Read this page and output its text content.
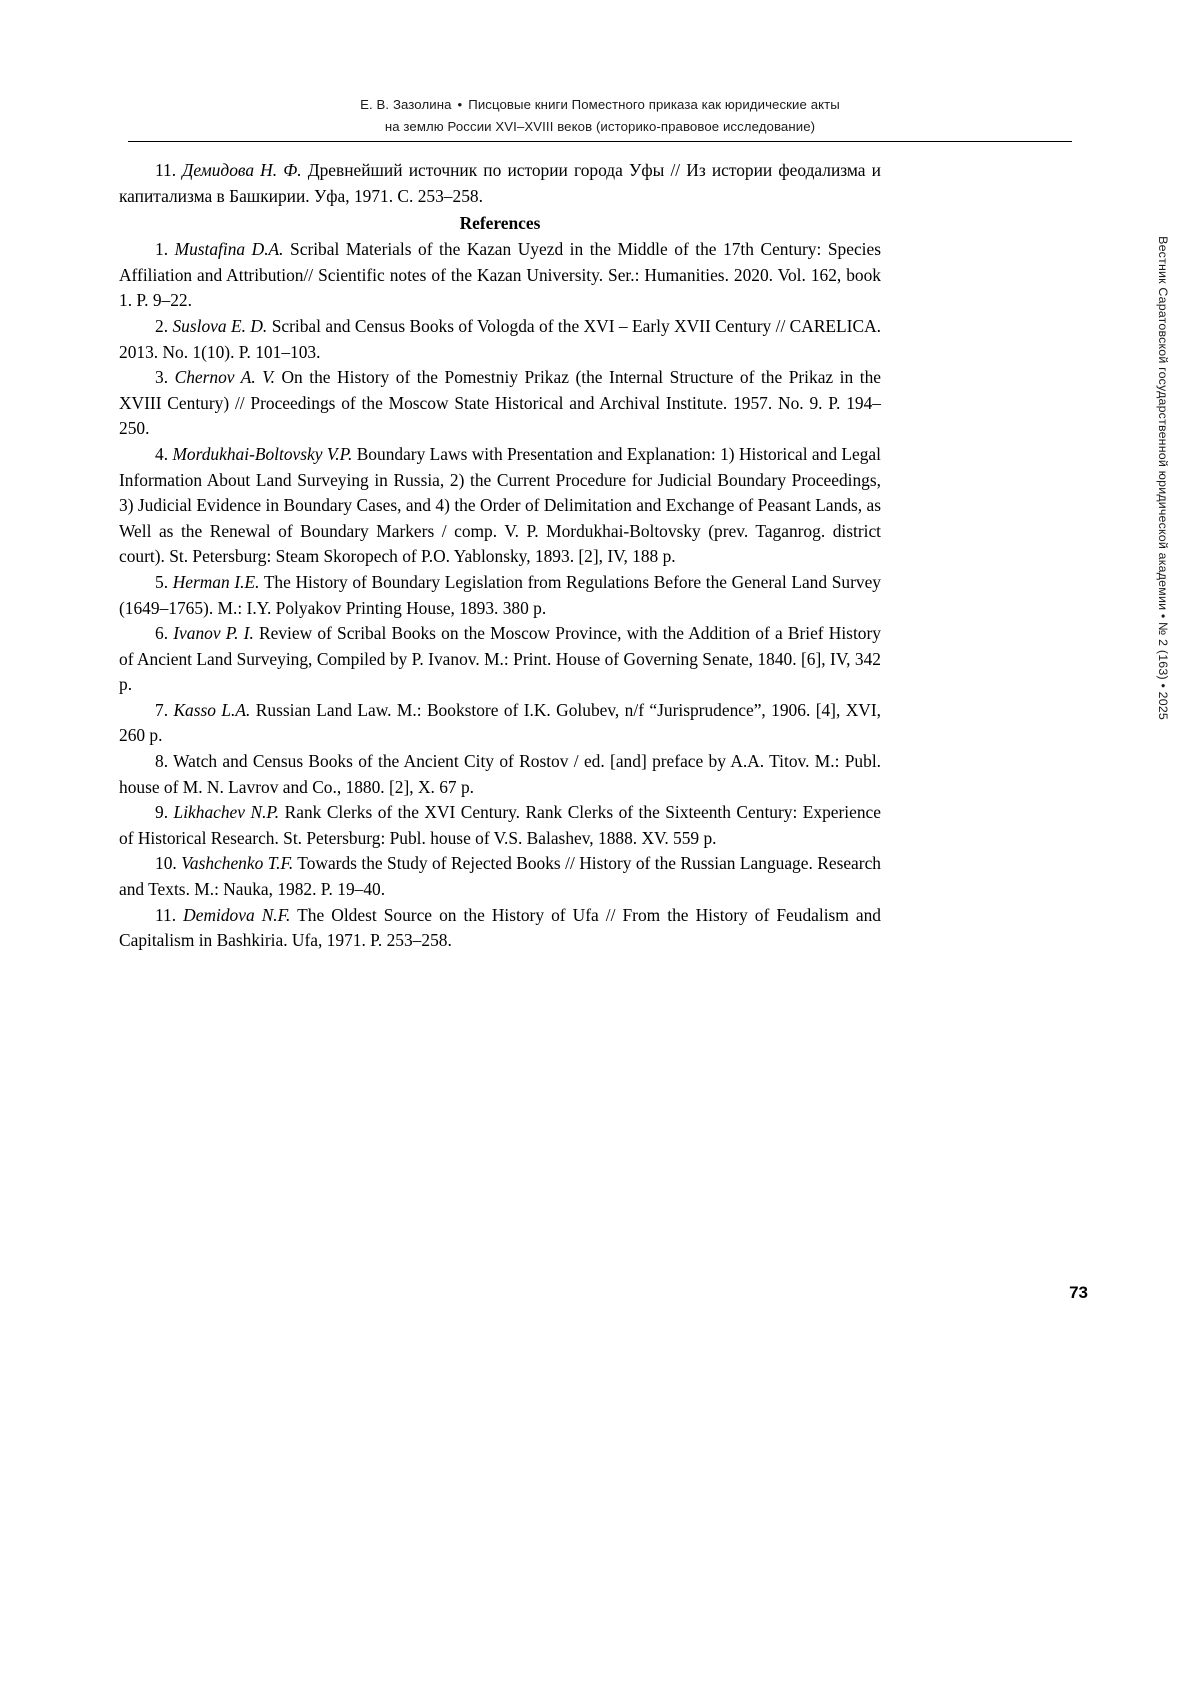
Е. В. Зазолина • Писцовые книги Поместного приказа как юридические акты
на землю России XVI–XVIII веков (историко-правовое исследование)

11. Демидова Н. Ф. Древнейший источник по истории города Уфы // Из истории феодализма и капитализма в Башкирии. Уфа, 1971. С. 253–258.

References

1. Mustafina D.A. Scribal Materials of the Kazan Uyezd in the Middle of the 17th Century: Species Affiliation and Attribution// Scientific notes of the Kazan University. Ser.: Humanities. 2020. Vol. 162, book 1. P. 9–22.

2. Suslova E. D. Scribal and Census Books of Vologda of the XVI – Early XVII Century // CARELICA. 2013. No. 1(10). P. 101–103.

3. Chernov A. V. On the History of the Pomestniy Prikaz (the Internal Structure of the Prikaz in the XVIII Century) // Proceedings of the Moscow State Historical and Archival Institute. 1957. No. 9. P. 194–250.

4. Mordukhai-Boltovsky V.P. Boundary Laws with Presentation and Explanation: 1) Historical and Legal Information About Land Surveying in Russia, 2) the Current Procedure for Judicial Boundary Proceedings, 3) Judicial Evidence in Boundary Cases, and 4) the Order of Delimitation and Exchange of Peasant Lands, as Well as the Renewal of Boundary Markers / comp. V. P. Mordukhai-Boltovsky (prev. Taganrog. district court). St. Petersburg: Steam Skoropech of P.O. Yablonsky, 1893. [2], IV, 188 p.

5. Herman I.E. The History of Boundary Legislation from Regulations Before the General Land Survey (1649–1765). M.: I.Y. Polyakov Printing House, 1893. 380 p.

6. Ivanov P. I. Review of Scribal Books on the Moscow Province, with the Addition of a Brief History of Ancient Land Surveying, Compiled by P. Ivanov. M.: Print. House of Governing Senate, 1840. [6], IV, 342 p.

7. Kasso L.A. Russian Land Law. M.: Bookstore of I.K. Golubev, n/f “Jurisprudence”, 1906. [4], XVI, 260 p.

8. Watch and Census Books of the Ancient City of Rostov / ed. [and] preface by A.A. Titov. M.: Publ. house of M. N. Lavrov and Co., 1880. [2], X. 67 p.

9. Likhachev N.P. Rank Clerks of the XVI Century. Rank Clerks of the Sixteenth Century: Experience of Historical Research. St. Petersburg: Publ. house of V.S. Balashev, 1888. XV. 559 p.

10. Vashchenko T.F. Towards the Study of Rejected Books // History of the Russian Language. Research and Texts. M.: Nauka, 1982. P. 19–40.

11. Demidova N.F. The Oldest Source on the History of Ufa // From the History of Feudalism and Capitalism in Bashkiria. Ufa, 1971. P. 253–258.

Вестник Саратовской государственной юридической академии • № 2 (163) • 2025
73
